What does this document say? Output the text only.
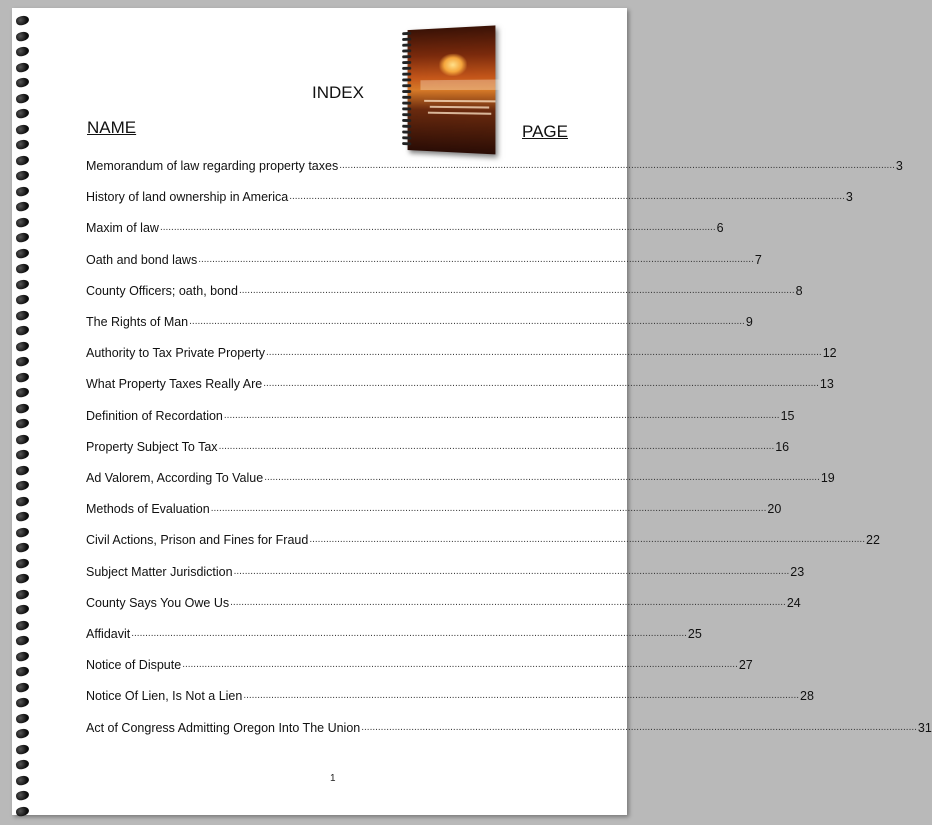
INDEX
NAME	PAGE
Memorandum of law regarding property taxes ........................................................................................................................................................................................................ 3
History of land ownership in America ........................................................................................................................................................................................................ 3
Maxim of law ........................................................................................................................................................................................................ 6
Oath and bond laws ........................................................................................................................................................................................................ 7
County Officers; oath, bond ........................................................................................................................................................................................................ 8
The Rights of Man ........................................................................................................................................................................................................ 9
Authority to Tax Private Property ........................................................................................................................................................................................................ 12
What Property Taxes Really Are ........................................................................................................................................................................................................ 13
Definition of Recordation ........................................................................................................................................................................................................ 15
Property Subject To Tax ........................................................................................................................................................................................................ 16
Ad Valorem, According To Value ........................................................................................................................................................................................................ 19
Methods of Evaluation ........................................................................................................................................................................................................ 20
Civil Actions, Prison and Fines for Fraud ........................................................................................................................................................................................................ 22
Subject Matter Jurisdiction ........................................................................................................................................................................................................ 23
County Says You Owe Us ........................................................................................................................................................................................................ 24
Affidavit ........................................................................................................................................................................................................ 25
Notice of Dispute ........................................................................................................................................................................................................ 27
Notice Of Lien, Is Not a Lien ........................................................................................................................................................................................................ 28
Act of Congress Admitting Oregon Into The Union ........................................................................................................................................................................................................ 31
1
